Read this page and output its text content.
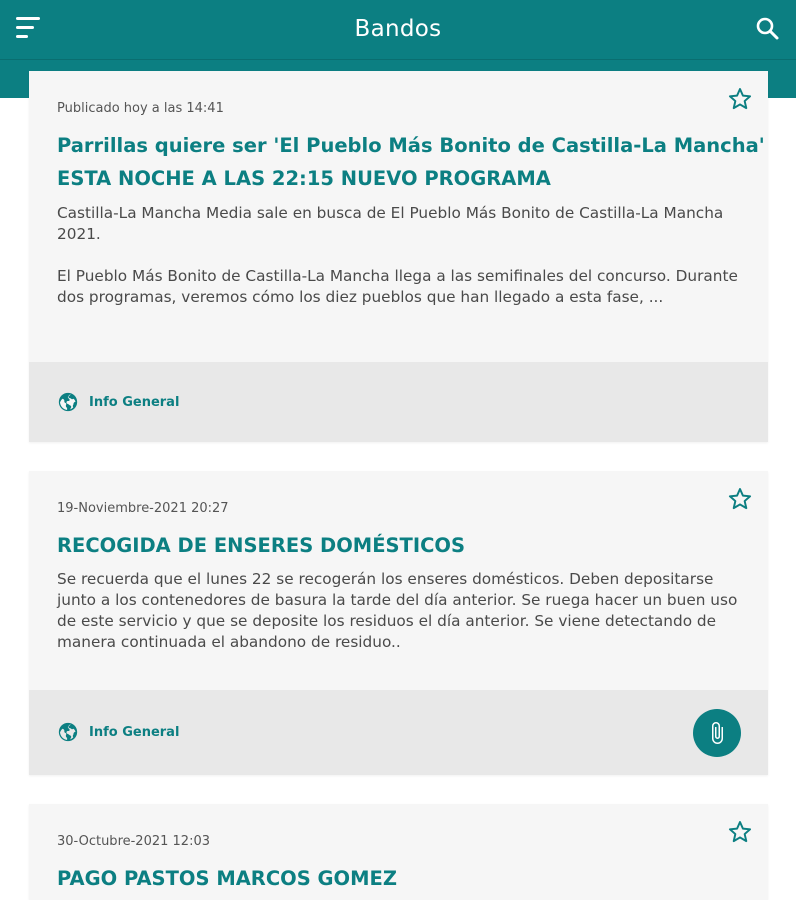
Bandos
Publicado hoy a las 14:41
Parrillas quiere ser 'El Pueblo Más Bonito de Castilla-La Mancha'
ESTA NOCHE A LAS 22:15 NUEVO PROGRAMA

Castilla-La Mancha Media sale en busca de El Pueblo Más Bonito de Castilla-La Mancha 2021.

El Pueblo Más Bonito de Castilla-La Mancha llega a las semifinales del concurso. Durante dos programas, veremos cómo los diez pueblos que han llegado a esta fase, ...

Info General
19-Noviembre-2021 20:27
RECOGIDA DE ENSERES DOMÉSTICOS

Se recuerda que el lunes 22 se recogerán los enseres domésticos. Deben depositarse junto a los contenedores de basura la tarde del día anterior. Se ruega hacer un buen uso de este servicio y que se deposite los residuos el día anterior. Se viene detectando de manera continuada el abandono de residuo..

Info General
30-Octubre-2021 12:03
PAGO PASTOS MARCOS GOMEZ
